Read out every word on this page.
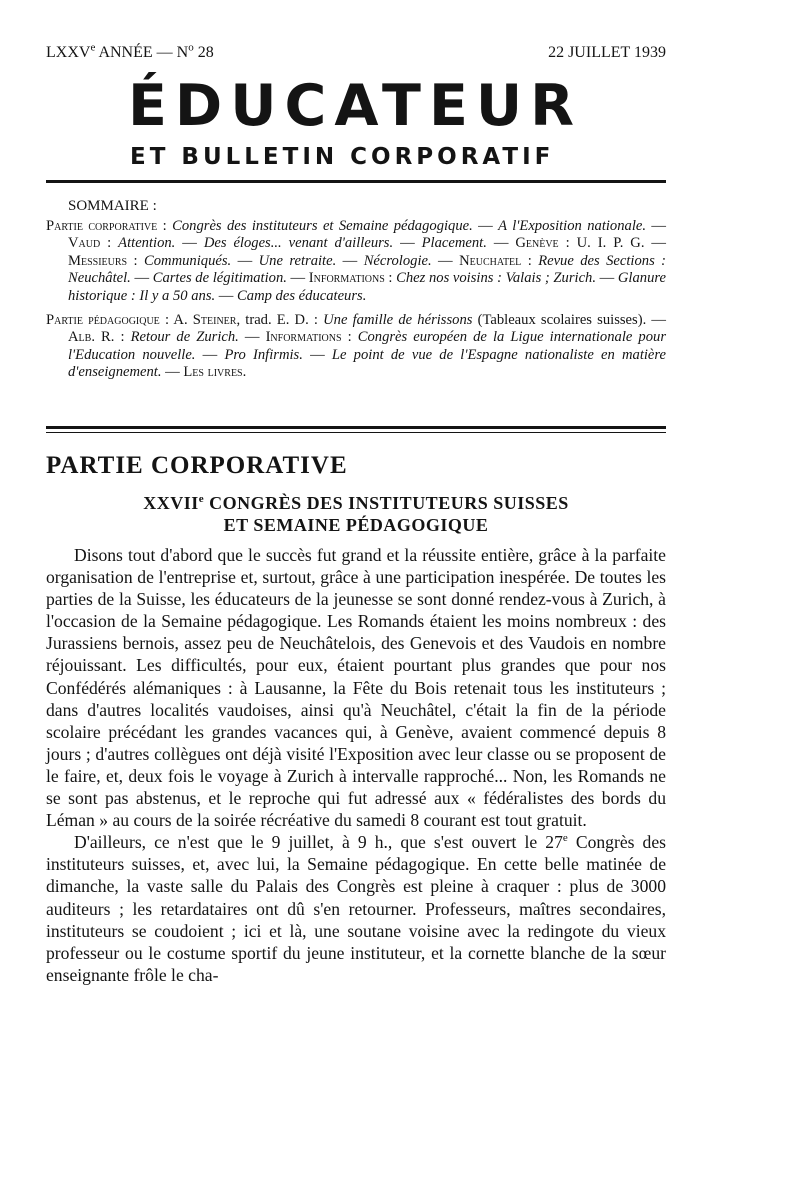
LXXVe ANNÉE — $N^o$ 28	22 JUILLET 1939
ÉDUCATEUR
ET BULLETIN CORPORATIF
SOMMAIRE :

Partie corporative : Congrès des instituteurs et Semaine pédagogique. — A l'Exposition nationale. — Vaud : Attention. — Des éloges... venant d'ailleurs. — Placement. — Genève : U. I. P. G. — Messieurs : Communiqués. — Une retraite. — Nécrologie. — Neuchatel : Revue des Sections : Neuchâtel. — Cartes de légitimation. — Informations : Chez nos voisins : Valais ; Zurich. — Glanure historique : Il y a 50 ans. — Camp des éducateurs.

Partie pédagogique : A. Steiner, trad. E. D. : Une famille de hérissons (Tableaux scolaires suisses). — Alb. R. : Retour de Zurich. — Informations : Congrès européen de la Ligue internationale pour l'Education nouvelle. — Pro Infirmis. — Le point de vue de l'Espagne nationaliste en matière d'enseignement. — Les livres.

PARTIE CORPORATIVE
XXVIIe CONGRÈS DES INSTITUTEURS SUISSES
ET SEMAINE PÉDAGOGIQUE

Disons tout d'abord que le succès fut grand et la réussite entière, grâce à la parfaite organisation de l'entreprise et, surtout, grâce à une participation inespérée. De toutes les parties de la Suisse, les éducateurs de la jeunesse se sont donné rendez-vous à Zurich, à l'occasion de la Semaine pédagogique. Les Romands étaient les moins nombreux : des Jurassiens bernois, assez peu de Neuchâtelois, des Genevois et des Vaudois en nombre réjouissant. Les difficultés, pour eux, étaient pourtant plus grandes que pour nos Confédérés alémaniques : à Lausanne, la Fête du Bois retenait tous les instituteurs ; dans d'autres localités vaudoises, ainsi qu'à Neuchâtel, c'était la fin de la période scolaire précédant les grandes vacances qui, à Genève, avaient commencé depuis 8 jours ; d'autres collègues ont déjà visité l'Exposition avec leur classe ou se proposent de le faire, et, deux fois le voyage à Zurich à intervalle rapproché... Non, les Romands ne se sont pas abstenus, et le reproche qui fut adressé aux « fédéralistes des bords du Léman » au cours de la soirée récréative du samedi 8 courant est tout gratuit.

D'ailleurs, ce n'est que le 9 juillet, à 9 h., que s'est ouvert le 27e Congrès des instituteurs suisses, et, avec lui, la Semaine pédagogique. En cette belle matinée de dimanche, la vaste salle du Palais des Congrès est pleine à craquer : plus de 3000 auditeurs ; les retardataires ont dû s'en retourner. Professeurs, maîtres secondaires, instituteurs se coudoient ; ici et là, une soutane voisine avec la redingote du vieux professeur ou le costume sportif du jeune instituteur, et la cornette blanche de la sœur enseignante frôle le cha-
